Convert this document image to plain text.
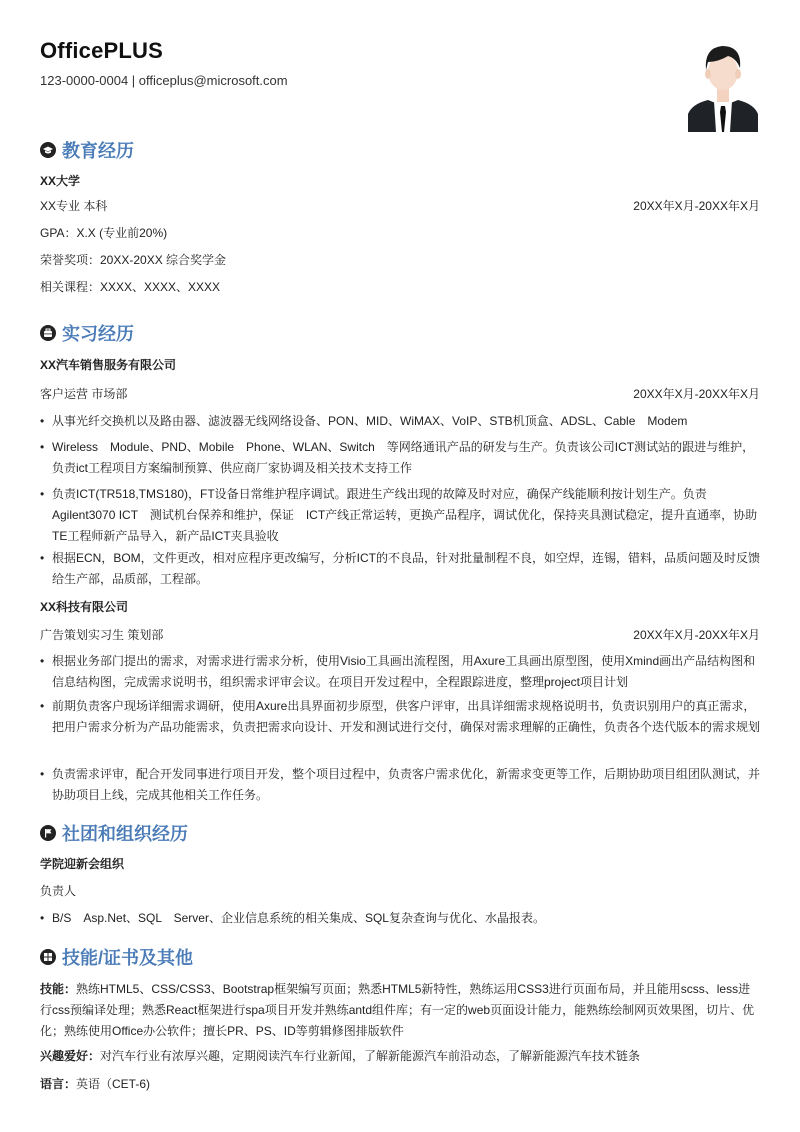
OfficePLUS
123-0000-0004 | officeplus@microsoft.com
教育经历
XX大学
XX专业 本科	20XX年X月-20XX年X月
GPA：X.X (专业前20%)
荣誉奖项：20XX-20XX 综合奖学金
相关课程：XXXX、XXXX、XXXX
实习经历
XX汽车销售服务有限公司
客户运营 市场部	20XX年X月-20XX年X月
• 从事光纤交换机以及路由器、滤波器无线网络设备、PON、MID、WiMAX、VoIP、STB机顶盒、ADSL、Cable　Modem
• Wireless　Module、PND、Mobile　Phone、WLAN、Switch　等网络通讯产品的研发与生产。负责该公司ICT测试站的跟进与维护，负责ict工程项目方案编制预算、供应商厂家协调及相关技术支持工作
• 负责ICT(TR518,TMS180)，FT设备日常维护程序调试。跟进生产线出现的故障及时对应，确保产线能顺利按计划生产。负责Agilent3070 ICT　测试机台保养和维护，保证　ICT产线正常运转，更换产品程序，调试优化，保持夹具测试稳定，提升直通率，协助TE工程师新产品导入，新产品ICT夹具验收
• 根据ECN，BOM，文件更改，相对应程序更改编写，分析ICT的不良品，针对批量制程不良，如空焊，连锡，错料，品质问题及时反馈给生产部，品质部，工程部。
XX科技有限公司
广告策划实习生 策划部	20XX年X月-20XX年X月
• 根据业务部门提出的需求，对需求进行需求分析，使用Visio工具画出流程图，用Axure工具画出原型图，使用Xmind画出产品结构图和信息结构图，完成需求说明书，组织需求评审会议。在项目开发过程中，全程跟踪进度，整理project项目计划
• 前期负责客户现场详细需求调研，使用Axure出具界面初步原型，供客户评审，出具详细需求规格说明书，负责识别用户的真正需求，把用户需求分析为产品功能需求，负责把需求向设计、开发和测试进行交付，确保对需求理解的正确性，负责各个迭代版本的需求规划
• 负责需求评审，配合开发同事进行项目开发，整个项目过程中，负责客户需求优化，新需求变更等工作，后期协助项目组团队测试，并协助项目上线，完成其他相关工作任务。
社团和组织经历
学院迎新会组织
负责人
• B/S　Asp.Net、SQL　Server、企业信息系统的相关集成、SQL复杂查询与优化、水晶报表。
技能/证书及其他
技能：熟练HTML5、CSS/CSS3、Bootstrap框架编写页面；熟悉HTML5新特性，熟练运用CSS3进行页面布局，并且能用scss、less进行css预编译处理；熟悉React框架进行spa项目开发并熟练antd组件库；有一定的web页面设计能力，能熟练绘制网页效果图，切片、优化；熟练使用Office办公软件；擅长PR、PS、ID等剪辑修图排版软件
兴趣爱好：对汽车行业有浓厚兴趣，定期阅读汽车行业新闻，了解新能源汽车前沿动态，了解新能源汽车技术链条
语言：英语（CET-6)
